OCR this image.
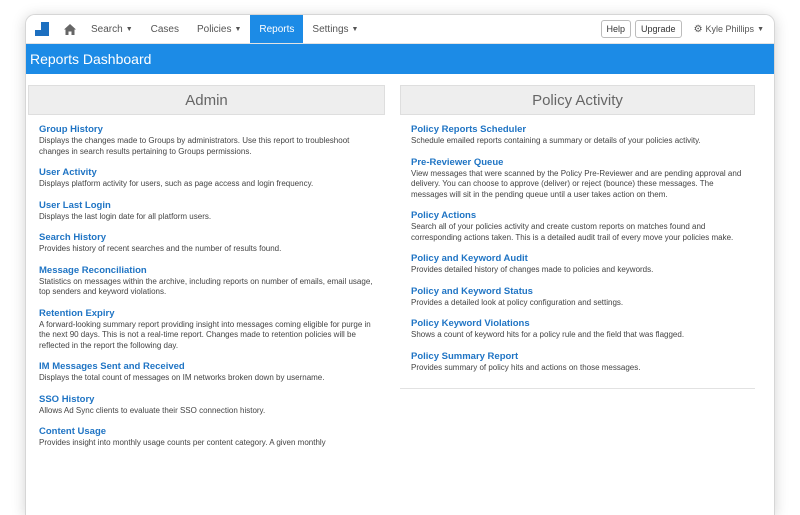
Search ▼ Cases Policies ▼ Reports Settings ▼	Help	Upgrade	⚙ Kyle Phillips ▼
Reports Dashboard
Admin
Group History
Displays the changes made to Groups by administrators. Use this report to troubleshoot changes in search results pertaining to Groups permissions.
User Activity
Displays platform activity for users, such as page access and login frequency.
User Last Login
Displays the last login date for all platform users.
Search History
Provides history of recent searches and the number of results found.
Message Reconciliation
Statistics on messages within the archive, including reports on number of emails, email usage, top senders and keyword violations.
Retention Expiry
A forward-looking summary report providing insight into messages coming eligible for purge in the next 90 days. This is not a real-time report. Changes made to retention policies will be reflected in the report the following day.
IM Messages Sent and Received
Displays the total count of messages on IM networks broken down by username.
SSO History
Allows Ad Sync clients to evaluate their SSO connection history.
Content Usage
Provides insight into monthly usage counts per content category. A given monthly
Policy Activity
Policy Reports Scheduler
Schedule emailed reports containing a summary or details of your policies activity.
Pre-Reviewer Queue
View messages that were scanned by the Policy Pre-Reviewer and are pending approval and delivery. You can choose to approve (deliver) or reject (bounce) these messages. The messages will sit in the pending queue until a user takes action on them.
Policy Actions
Search all of your policies activity and create custom reports on matches found and corresponding actions taken. This is a detailed audit trail of every move your policies make.
Policy and Keyword Audit
Provides detailed history of changes made to policies and keywords.
Policy and Keyword Status
Provides a detailed look at policy configuration and settings.
Policy Keyword Violations
Shows a count of keyword hits for a policy rule and the field that was flagged.
Policy Summary Report
Provides summary of policy hits and actions on those messages.
